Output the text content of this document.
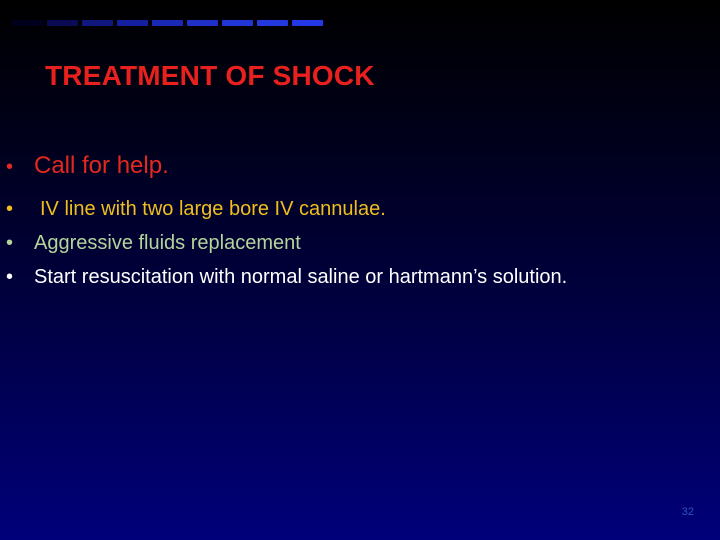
TREATMENT OF SHOCK
• Call for help.
• IV line with two large bore IV cannulae.
• Aggressive fluids replacement
• Start resuscitation with normal saline or hartmann’s solution.
32
